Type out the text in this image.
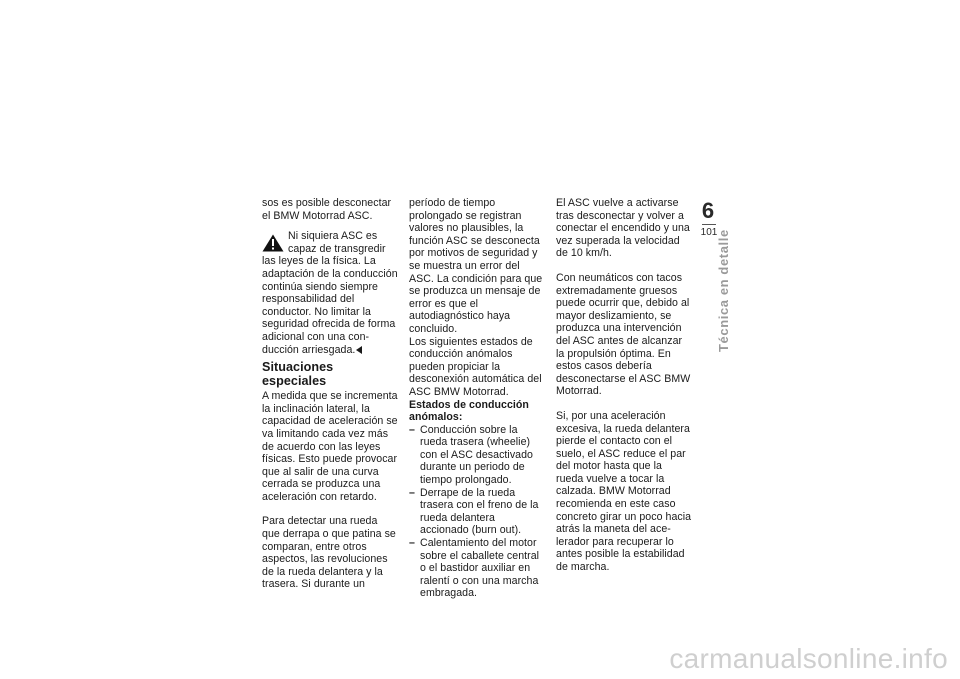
sos es posible desconectar el BMW Motorrad ASC.

Ni siquiera ASC es capaz de transgredir las leyes de la física. La adaptación de la conducción continúa siendo siempre responsabilidad del conductor. No limitar la seguridad ofrecida de forma adicional con una conducción arriesgada.

Situaciones especiales

A medida que se incrementa la inclinación lateral, la capacidad de aceleración se va limitando cada vez más de acuerdo con las leyes físicas. Esto puede provocar que al salir de una curva cerrada se produzca una aceleración con retardo.

Para detectar una rueda que derrapa o que patina se comparan, entre otros aspectos, las revoluciones de la rueda delantera y la trasera. Si durante un

período de tiempo prolongado se registran valores no plausibles, la función ASC se desconecta por motivos de seguridad y se muestra un error del ASC. La condición para que se produzca un mensaje de error es que el autodiagnóstico haya concluido.

Los siguientes estados de conducción anómalos pueden propiciar la desconexión automática del ASC BMW Motorrad.

Estados de conducción anómalos:

– Conducción sobre la rueda trasera (wheelie) con el ASC desactivado durante un periodo de tiempo prolongado.
– Derrape de la rueda trasera con el freno de la rueda delantera accionado (burn out).
– Calentamiento del motor sobre el caballete central o el bastidor auxiliar en ralentí o con una marcha embragada.

El ASC vuelve a activarse tras desconectar y volver a conectar el encendido y una vez superada la velocidad de 10 km/h.

Con neumáticos con tacos extremadamente gruesos puede ocurrir que, debido al mayor deslizamiento, se produzca una intervención del ASC antes de alcanzar la propulsión óptima. En estos casos debería desconectarse el ASC BMW Motorrad.

Si, por una aceleración excesiva, la rueda delantera pierde el contacto con el suelo, el ASC reduce el par del motor hasta que la rueda vuelve a tocar la calzada. BMW Motorrad recomienda en este caso concreto girar un poco hacia atrás la maneta del acelerador para recuperar lo antes posible la estabilidad de marcha.

6
101
Técnica en detalle
carmanualsonline.info
